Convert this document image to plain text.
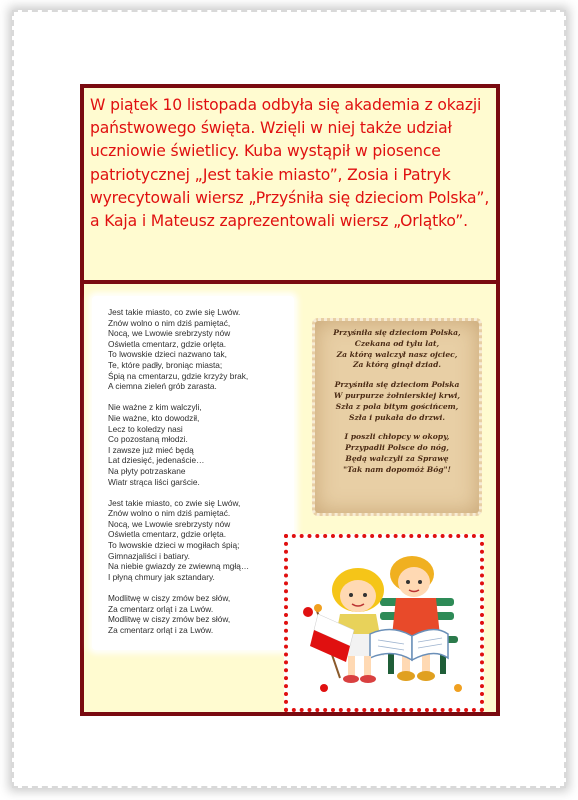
W piątek 10 listopada odbyła się akademia z okazji państwowego święta. Wzięli w niej także udział uczniowie świetlicy. Kuba wystąpił w piosence patriotycznej „Jest takie miasto”, Zosia i Patryk wyrecytowali wiersz „Przyśniła się dzieciom Polska”, a Kaja i Mateusz zaprezentowali wiersz „Orlątko”.

Jest takie miasto, co zwie się Lwów.
Znów wolno o nim dziś pamiętać,
Nocą, we Lwowie srebrzysty nów
Oświetla cmentarz, gdzie orlęta.
To lwowskie dzieci nazwano tak,
Te, które padły, broniąc miasta;
Śpią na cmentarzu, gdzie krzyży brak,
A ciemna zieleń grób zarasta.
Nie ważne z kim walczyli,
Nie ważne, kto dowodził,
Lecz to koledzy nasi
Co pozostaną młodzi.
I zawsze już mieć będą
Lat dziesięć, jedenaście…
Na płyty potrzaskane
Wiatr strąca liści garście.
Jest takie miasto, co zwie się Lwów,
Znów wolno o nim dziś pamiętać.
Nocą, we Lwowie srebrzysty nów
Oświetla cmentarz, gdzie orlęta.
To lwowskie dzieci w mogiłach śpią;
Gimnazjaliści i batiary.
Na niebie gwiazdy ze zwiewną mgłą…
I płyną chmury jak sztandary.
Modlitwę w ciszy zmów bez słów,
Za cmentarz orląt i za Lwów.
Modlitwę w ciszy zmów bez słów,
Za cmentarz orląt i za Lwów.
Przyśniła się dzieciom Polska,
Czekana od tylu lat,
Za którą walczył nasz ojciec,
Za którą ginął dziad.
Przyśniła się dzieciom Polska
W purpurze żołnierskiej krwi,
Szła z pola bitym gościńcem,
Szła i pukała do drzwi.
I poszli chłopcy w okopy,
Przypadli Polsce do nóg,
Będą walczyli za Sprawę
"Tak nam dopomóż Bóg"!
